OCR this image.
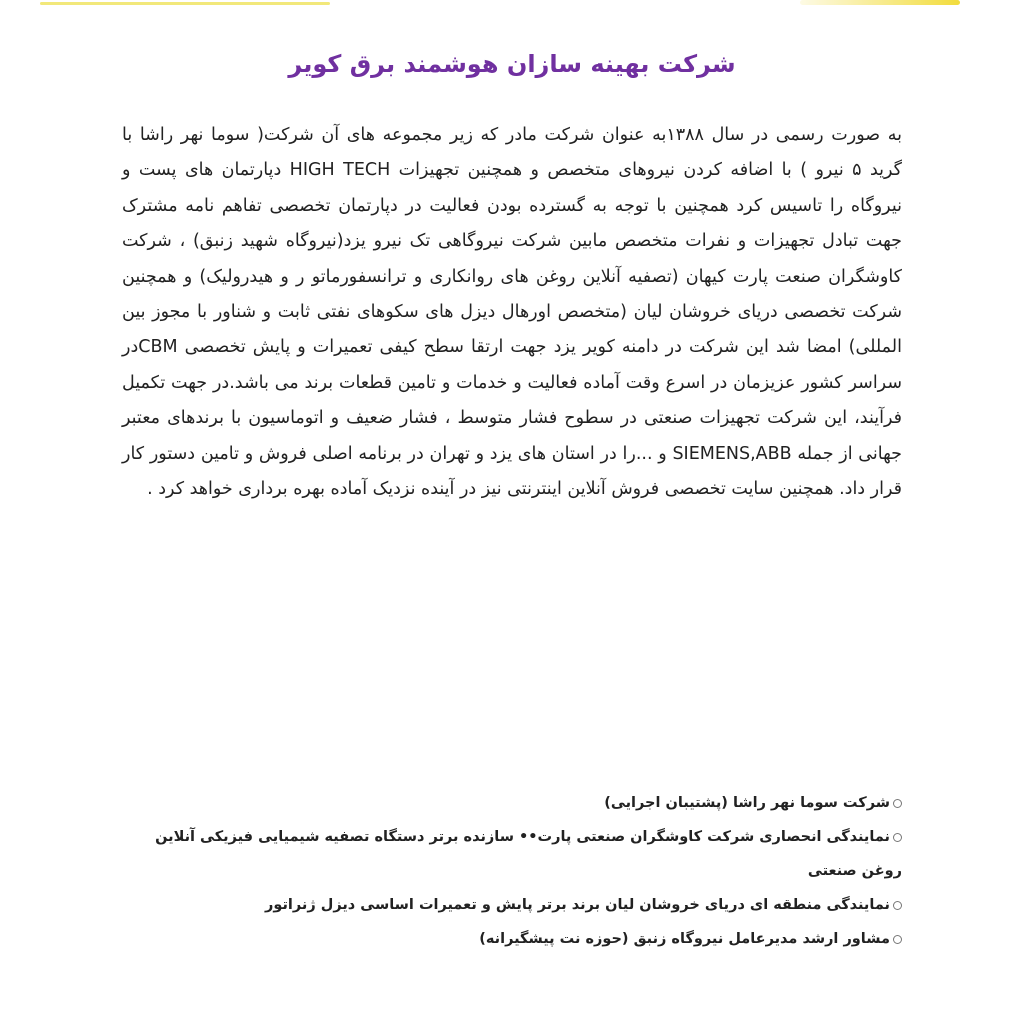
شرکت بهینه سازان هوشمند برق کویر

به صورت رسمی در سال ۱۳۸۸به عنوان شرکت مادر که زیر مجموعه های آن شرکت( سوما نهر راشا با گرید ۵ نیرو ) با اضافه کردن نیروهای متخصص و همچنین تجهیزات HIGH TECH دپارتمان های پست و نیروگاه را تاسیس کرد همچنین با توجه به گسترده بودن فعالیت در دپارتمان تخصصی تفاهم نامه مشترک جهت تبادل تجهیزات و نفرات متخصص مابین شرکت نیروگاهی تک نیرو یزد(نیروگاه شهید زنبق) ، شرکت کاوشگران صنعت پارت کیهان (تصفیه آنلاین روغن های روانکاری و ترانسفورماتو ر و هیدرولیک) و همچنین شرکت تخصصی دریای خروشان لیان (متخصص اورهال دیزل های سکوهای نفتی ثابت و شناور با مجوز بین المللی) امضا شد این شرکت در دامنه کویر یزد جهت ارتقا سطح کیفی تعمیرات و پایش تخصصی CBMدر سراسر کشور عزیزمان در اسرع وقت آماده فعالیت و خدمات و تامین قطعات برند می باشد.در جهت تکمیل فرآیند، این شرکت تجهیزات صنعتی در سطوح فشار متوسط ، فشار ضعیف و اتوماسیون با برندهای معتبر جهانی از جمله SIEMENS,ABB و ...را در استان های یزد و تهران در برنامه اصلی فروش و تامین دستور کار قرار داد. همچنین سایت تخصصی فروش آنلاین اینترنتی نیز در آینده نزدیک آماده بهره برداری خواهد کرد .

شرکت سوما نهر راشا (پشتیبان اجرایی)
نمایندگی انحصاری شرکت کاوشگران صنعتی پارت•• سازنده برتر دستگاه تصفیه شیمیایی فیزیکی آنلاین روغن صنعتی
نمایندگی منطقه ای دریای خروشان لیان برند برتر پایش و تعمیرات اساسی دیزل ژنراتور
مشاور ارشد مدیرعامل نیروگاه زنبق (حوزه نت پیشگیرانه)
